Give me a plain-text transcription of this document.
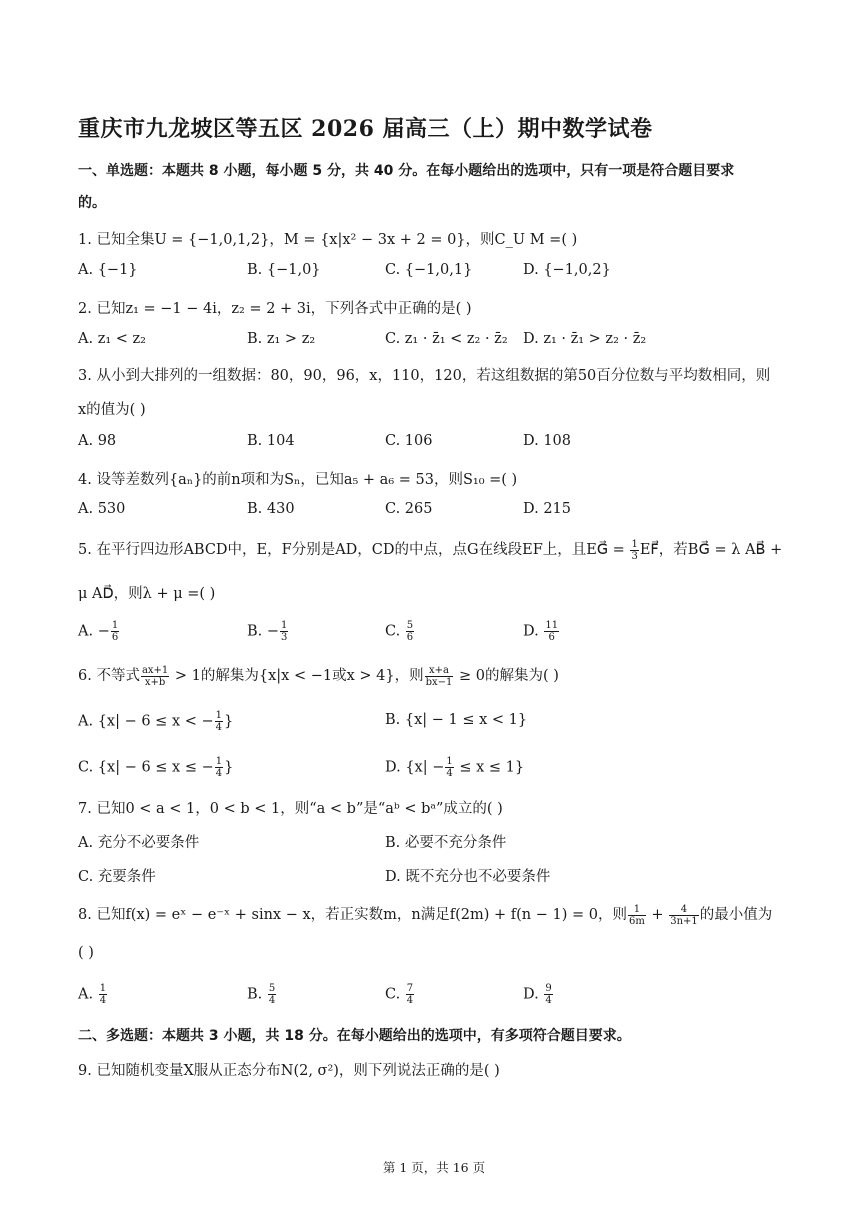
重庆市九龙坡区等五区 2026 届高三（上）期中数学试卷
一、单选题：本题共 8 小题，每小题 5 分，共 40 分。在每小题给出的选项中，只有一项是符合题目要求
的。
1. 已知全集U = {−1,0,1,2}，M = {x|x² − 3x + 2 = 0}，则C_U M =( )
A. {−1}	B. {−1,0}	C. {−1,0,1}	D. {−1,0,2}
2. 已知z₁ = −1 − 4i，z₂ = 2 + 3i，下列各式中正确的是( )
A. z₁ < z₂	B. z₁ > z₂	C. z₁ · z̄₁ < z₂ · z̄₂ D. z₁ · z̄₁ > z₂ · z̄₂
3. 从小到大排列的一组数据：80，90，96，x，110，120，若这组数据的第50百分位数与平均数相同，则
x的值为( )
A. 98	B. 104	C. 106	D. 108
4. 设等差数列{aₙ}的前n项和为Sₙ，已知a₅ + a₆ = 53，则S₁₀ =( )
A. 530	B. 430	C. 265	D. 215
5. 在平行四边形ABCD中，E，F分别是AD，CD的中点，点G在线段EF上，且EG⃗ = $\frac{1}{3}$ EF⃗，若BG⃗ = λ AB⃗ +
μ AD⃗，则λ + μ =( )
A. − $\frac{1}{6}$	B. − $\frac{1}{3}$	C. $\frac{5}{6}$	D. $\frac{11}{6}$
6. 不等式 $\frac{ax+1}{x+b} > 1$的解集为{x|x < −1或x > 4}，则 $\frac{x+a}{bx-1} \ge 0$的解集为( )
A. {x| − 6 ≤ x < − $\frac{1}{4}$ }	B. {x| − 1 ≤ x < 1}
C. {x| − 6 ≤ x ≤ − $\frac{1}{4}$ }	D. $\{x| - \frac{1}{4} \le x \le 1\}$
7. 已知0 < a < 1，0 < b < 1，则“a < b”是“aᵇ < bᵃ”成立的( )
A. 充分不必要条件	B. 必要不充分条件
C. 充要条件	D. 既不充分也不必要条件
8. 已知f(x) = eˣ − e⁻ˣ + sinx − x，若正实数m，n满足f(2m) + f(n − 1) = 0，则 $\frac{1}{6m} + \frac{4}{3n+1}$ 的最小值为
( )
A. $\frac{1}{4}$	B. $\frac{5}{4}$	C. $\frac{7}{4}$	D. $\frac{9}{4}$
二、多选题：本题共 3 小题，共 18 分。在每小题给出的选项中，有多项符合题目要求。
9. 已知随机变量X服从正态分布N(2, σ²)，则下列说法正确的是( )
第 1 页，共 16 页
